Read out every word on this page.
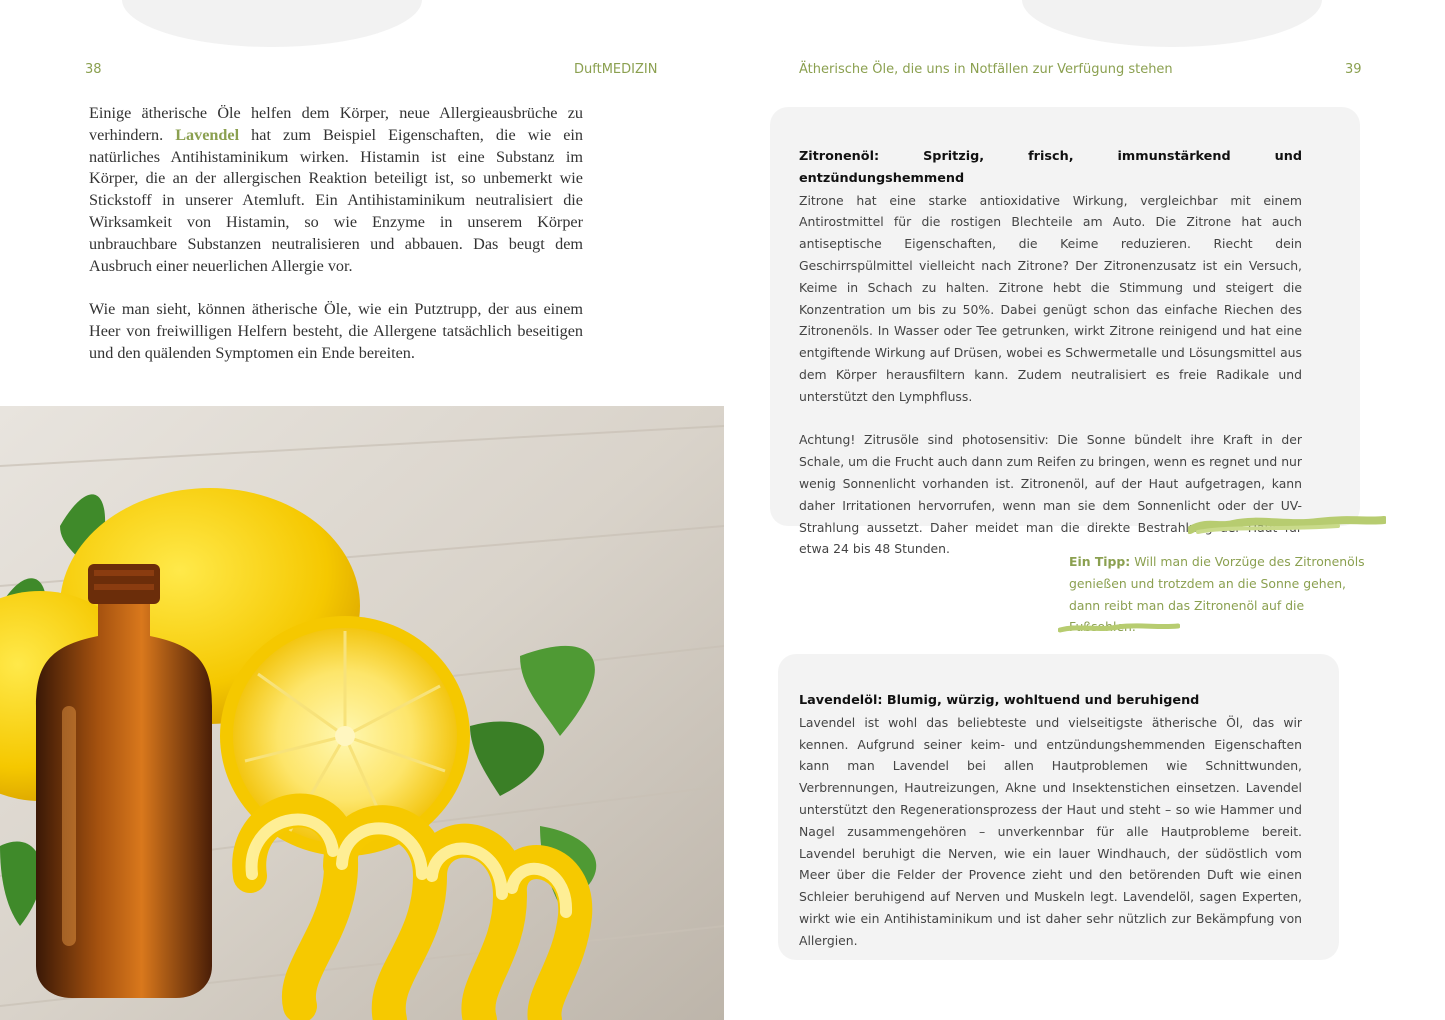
38	DuftMEDIZIN	Ätherische Öle, die uns in Notfällen zur Verfügung stehen	39

Einige ätherische Öle helfen dem Körper, neue Allergieausbrüche zu verhindern. Lavendel hat zum Beispiel Eigenschaften, die wie ein natürliches Antihistaminikum wirken. Histamin ist eine Substanz im Körper, die an der allergischen Reaktion beteiligt ist, so unbemerkt wie Stickstoff in unserer Atemluft. Ein Antihistaminikum neutralisiert die Wirksamkeit von Histamin, so wie Enzyme in unserem Körper unbrauchbare Substanzen neutralisieren und abbauen. Das beugt dem Ausbruch einer neuerlichen Allergie vor.

Wie man sieht, können ätherische Öle, wie ein Putztrupp, der aus einem Heer von freiwilligen Helfern besteht, die Allergene tatsächlich beseitigen und den quälenden Symptomen ein Ende bereiten.

Zitronenöl: Spritzig, frisch, immunstärkend und entzündungshemmend

Zitrone hat eine starke antioxidative Wirkung, vergleichbar mit einem Antirostmittel für die rostigen Blechteile am Auto. Die Zitrone hat auch antiseptische Eigenschaften, die Keime reduzieren. Riecht dein Geschirrspülmittel vielleicht nach Zitrone? Der Zitronenzusatz ist ein Versuch, Keime in Schach zu halten. Zitrone hebt die Stimmung und steigert die Konzentration um bis zu 50%. Dabei genügt schon das einfache Riechen des Zitronenöls. In Wasser oder Tee getrunken, wirkt Zitrone reinigend und hat eine entgiftende Wirkung auf Drüsen, wobei es Schwermetalle und Lösungsmittel aus dem Körper herausfiltern kann. Zudem neutralisiert es freie Radikale und unterstützt den Lymphfluss.

Achtung! Zitrusöle sind photosensitiv: Die Sonne bündelt ihre Kraft in der Schale, um die Frucht auch dann zum Reifen zu bringen, wenn es regnet und nur wenig Sonnenlicht vorhanden ist. Zitronenöl, auf der Haut aufgetragen, kann daher Irritationen hervorrufen, wenn man sie dem Sonnenlicht oder der UV-Strahlung aussetzt. Daher meidet man die direkte Bestrahlung der Haut für etwa 24 bis 48 Stunden.

Ein Tipp: Will man die Vorzüge des Zitronenöls genießen und trotzdem an die Sonne gehen, dann reibt man das Zitronenöl auf die Fußsohlen.
Lavendelöl: Blumig, würzig, wohltuend und beruhigend

Lavendel ist wohl das beliebteste und vielseitigste ätherische Öl, das wir kennen. Aufgrund seiner keim- und entzündungshemmenden Eigenschaften kann man Lavendel bei allen Hautproblemen wie Schnittwunden, Verbrennungen, Hautreizungen, Akne und Insektenstichen einsetzen. Lavendel unterstützt den Regenerationsprozess der Haut und steht – so wie Hammer und Nagel zusammengehören – unverkennbar für alle Hautprobleme bereit. Lavendel beruhigt die Nerven, wie ein lauer Windhauch, der südöstlich vom Meer über die Felder der Provence zieht und den betörenden Duft wie einen Schleier beruhigend auf Nerven und Muskeln legt. Lavendelöl, sagen Experten, wirkt wie ein Antihistaminikum und ist daher sehr nützlich zur Bekämpfung von Allergien.
